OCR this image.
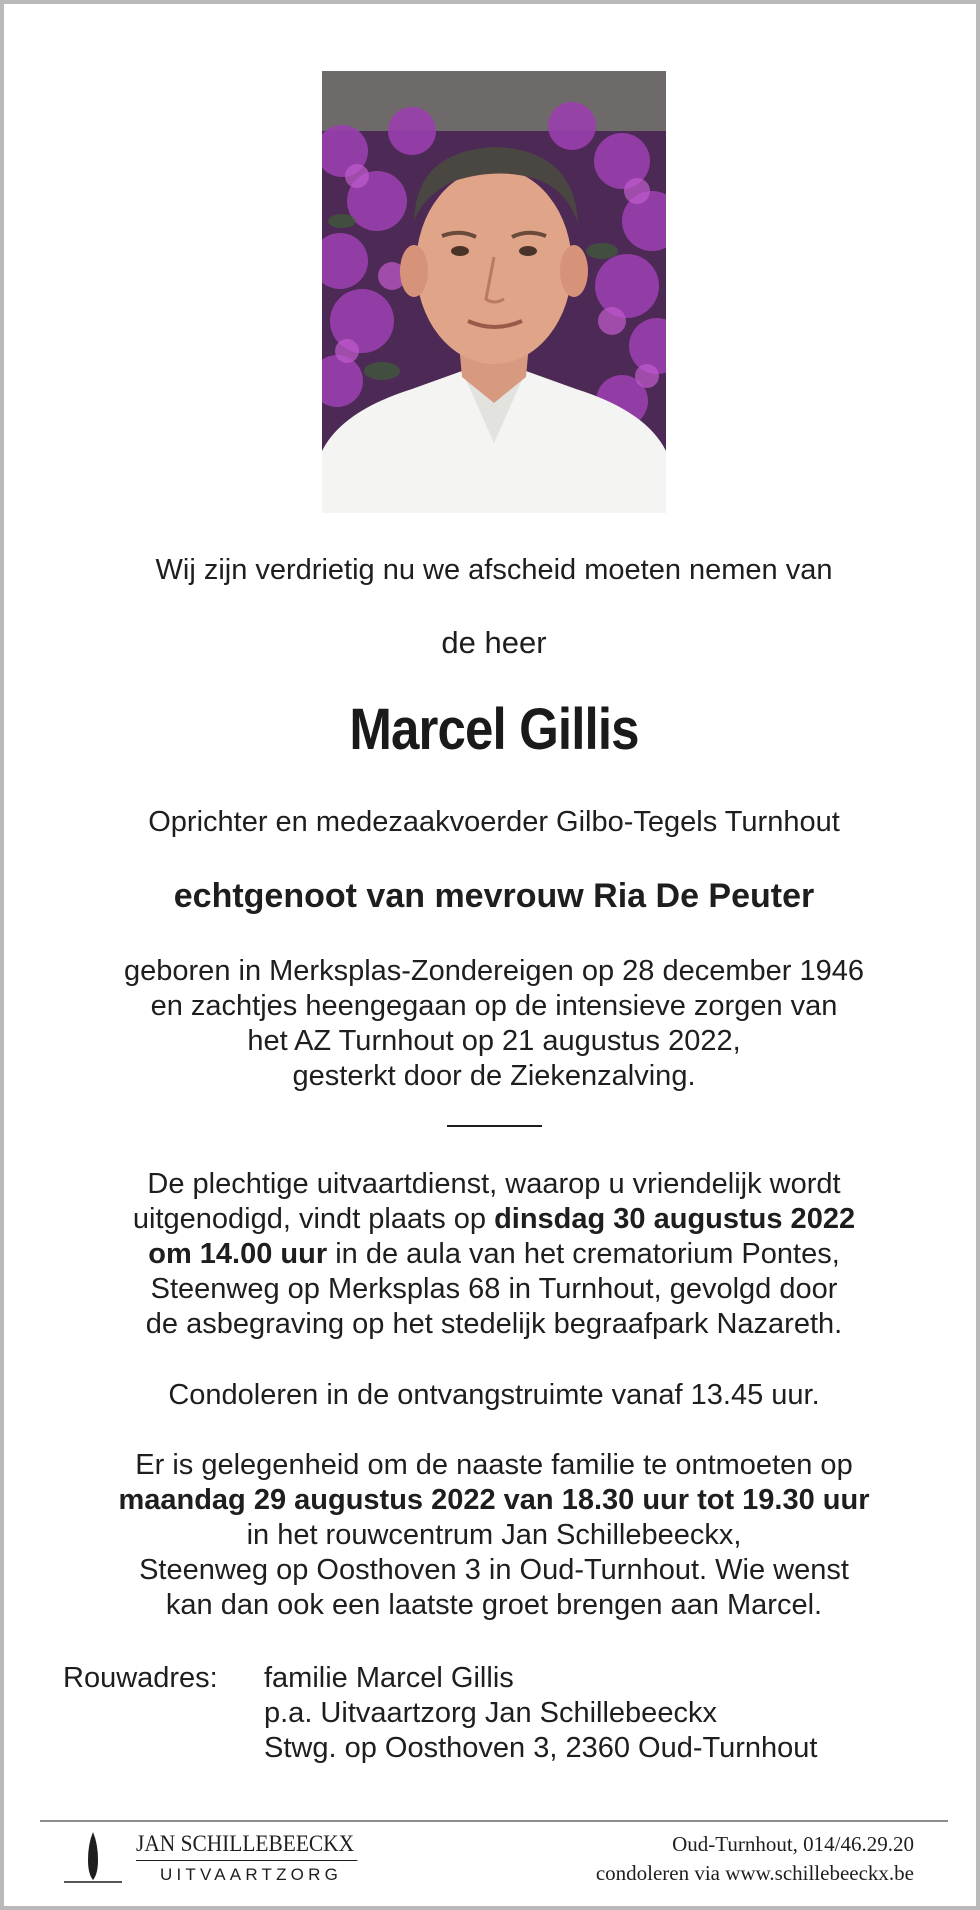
Wij zijn verdrietig nu we afscheid moeten nemen van
de heer
Marcel Gillis
Oprichter en medezaakvoerder Gilbo-Tegels Turnhout
echtgenoot van mevrouw Ria De Peuter
geboren in Merksplas-Zondereigen op 28 december 1946
en zachtjes heengegaan op de intensieve zorgen van
het AZ Turnhout op 21 augustus 2022,
gesterkt door de Ziekenzalving.
De plechtige uitvaartdienst, waarop u vriendelijk wordt
uitgenodigd, vindt plaats op dinsdag 30 augustus 2022
om 14.00 uur in de aula van het crematorium Pontes,
Steenweg op Merksplas 68 in Turnhout, gevolgd door
de asbegraving op het stedelijk begraafpark Nazareth.
Condoleren in de ontvangstruimte vanaf 13.45 uur.
Er is gelegenheid om de naaste familie te ontmoeten op
maandag 29 augustus 2022 van 18.30 uur tot 19.30 uur
in het rouwcentrum Jan Schillebeeckx,
Steenweg op Oosthoven 3 in Oud-Turnhout. Wie wenst
kan dan ook een laatste groet brengen aan Marcel.
Rouwadres: familie Marcel Gillis
p.a. Uitvaartzorg Jan Schillebeeckx
Stwg. op Oosthoven 3, 2360 Oud-Turnhout
JAN SCHILLEBEECKX
UITVAARTZORG
Oud-Turnhout, 014/46.29.20
condoleren via www.schillebeeckx.be
